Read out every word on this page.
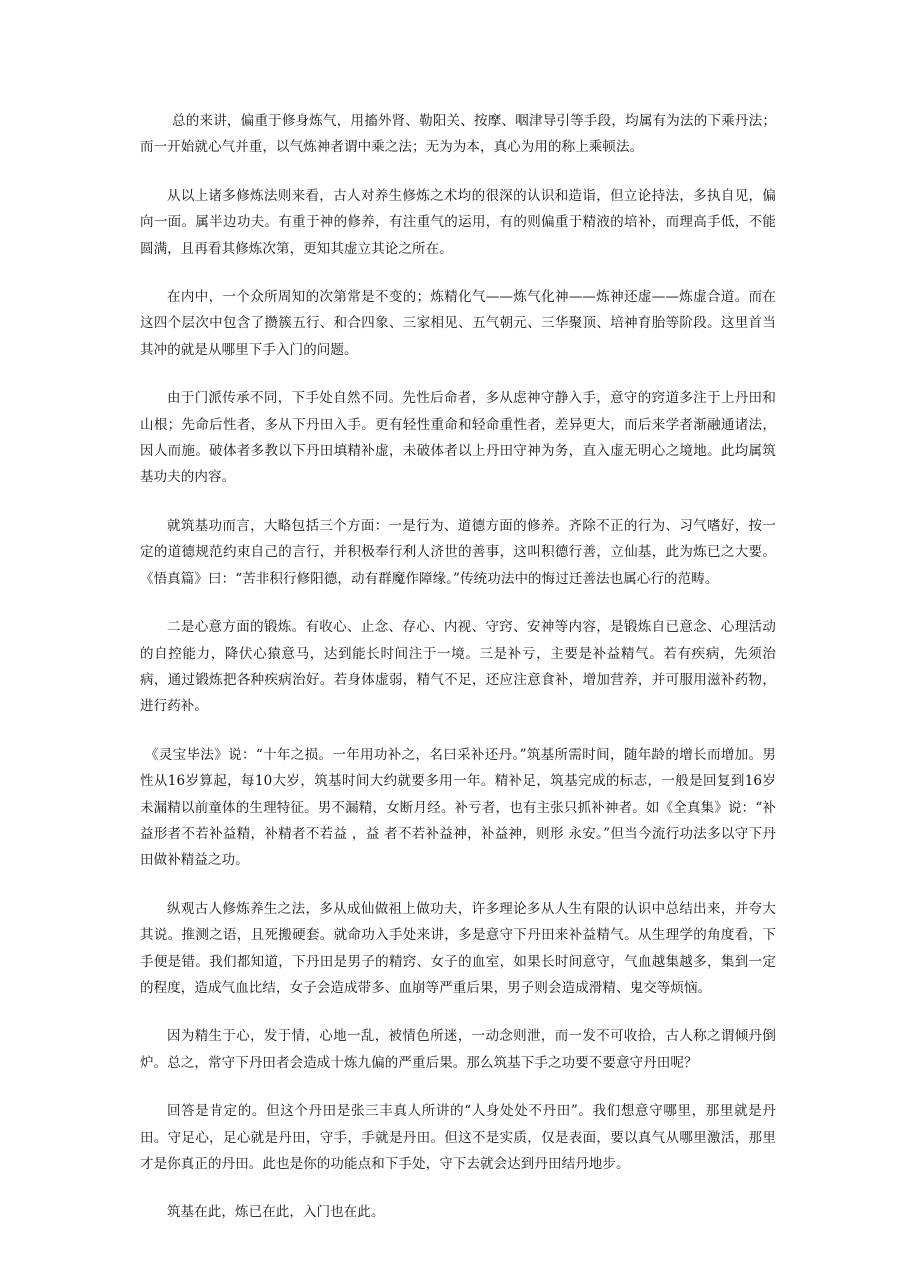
总的来讲，偏重于修身炼气，用搐外肾、勒阳关、按摩、咽津导引等手段，均属有为法的下乘丹法；而一开始就心气并重，以气炼神者谓中乘之法；无为为本，真心为用的称上乘顿法。

从以上诸多修炼法则来看，古人对养生修炼之术均的很深的认识和造诣，但立论持法，多执自见，偏向一面。属半边功夫。有重于神的修养，有注重气的运用，有的则偏重于精液的培补，而理高手低，不能圆满，且再看其修炼次第，更知其虚立其论之所在。

在内中，一个众所周知的次第常是不变的；炼精化气——炼气化神——炼神还虚——炼虚合道。而在这四个层次中包含了攒簇五行、和合四象、三家相见、五气朝元、三华聚顶、培神育胎等阶段。这里首当其冲的就是从哪里下手入门的问题。

由于门派传承不同，下手处自然不同。先性后命者，多从虑神守静入手，意守的窍道多注于上丹田和山根；先命后性者，多从下丹田入手。更有轻性重命和轻命重性者，差异更大，而后来学者渐融通诸法，因人而施。破体者多教以下丹田填精补虚，未破体者以上丹田守神为务，直入虚无明心之境地。此均属筑基功夫的内容。

就筑基功而言，大略包括三个方面：一是行为、道德方面的修养。齐除不正的行为、习气嗜好，按一定的道德规范约束自己的言行，并积极奉行利人济世的善事，这叫积德行善，立仙基，此为炼已之大要。《悟真篇》曰：“苦非积行修阳德，动有群魔作障缘。”传统功法中的悔过迁善法也属心行的范畴。

二是心意方面的锻炼。有收心、止念、存心、内视、守窍、安神等内容，是锻炼自已意念、心理活动的自控能力，降伏心猿意马，达到能长时间注于一境。三是补亏，主要是补益精气。若有疾病，先须治病，通过锻炼把各种疾病治好。若身体虚弱，精气不足，还应注意食补，增加营养，并可服用滋补药物，进行药补。

《灵宝毕法》说：“十年之损。一年用功补之，名曰采补还丹。”筑基所需时间，随年龄的增长而增加。男性从16岁算起，每10大岁，筑基时间大约就要多用一年。精补足，筑基完成的标志，一般是回复到16岁未漏精以前童体的生理特征。男不漏精，女断月经。补亏者，也有主张只抓补神者。如《全真集》说：“补益形者不若补益精，补精者不若益 ，益 者不若补益神，补益神，则形 永安。”但当今流行功法多以守下丹田做补精益之功。

纵观古人修炼养生之法，多从成仙做祖上做功夫，许多理论多从人生有限的认识中总结出来，并夸大其说。推测之语，且死搬硬套。就命功入手处来讲，多是意守下丹田来补益精气。从生理学的角度看，下手便是错。我们都知道，下丹田是男子的精窍、女子的血室，如果长时间意守，气血越集越多，集到一定的程度，造成气血比结，女子会造成带多、血崩等严重后果，男子则会造成滑精、鬼交等烦恼。

因为精生于心，发于情，心地一乱，被情色所迷，一动念则泄，而一发不可收拾，古人称之谓倾丹倒炉。总之，常守下丹田者会造成十炼九偏的严重后果。那么筑基下手之功要不要意守丹田呢？

回答是肯定的。但这个丹田是张三丰真人所讲的“人身处处不丹田”。我们想意守哪里，那里就是丹田。守足心，足心就是丹田，守手，手就是丹田。但这不是实质，仅是表面，要以真气从哪里激活，那里才是你真正的丹田。此也是你的功能点和下手处，守下去就会达到丹田结丹地步。

筑基在此，炼已在此，入门也在此。
